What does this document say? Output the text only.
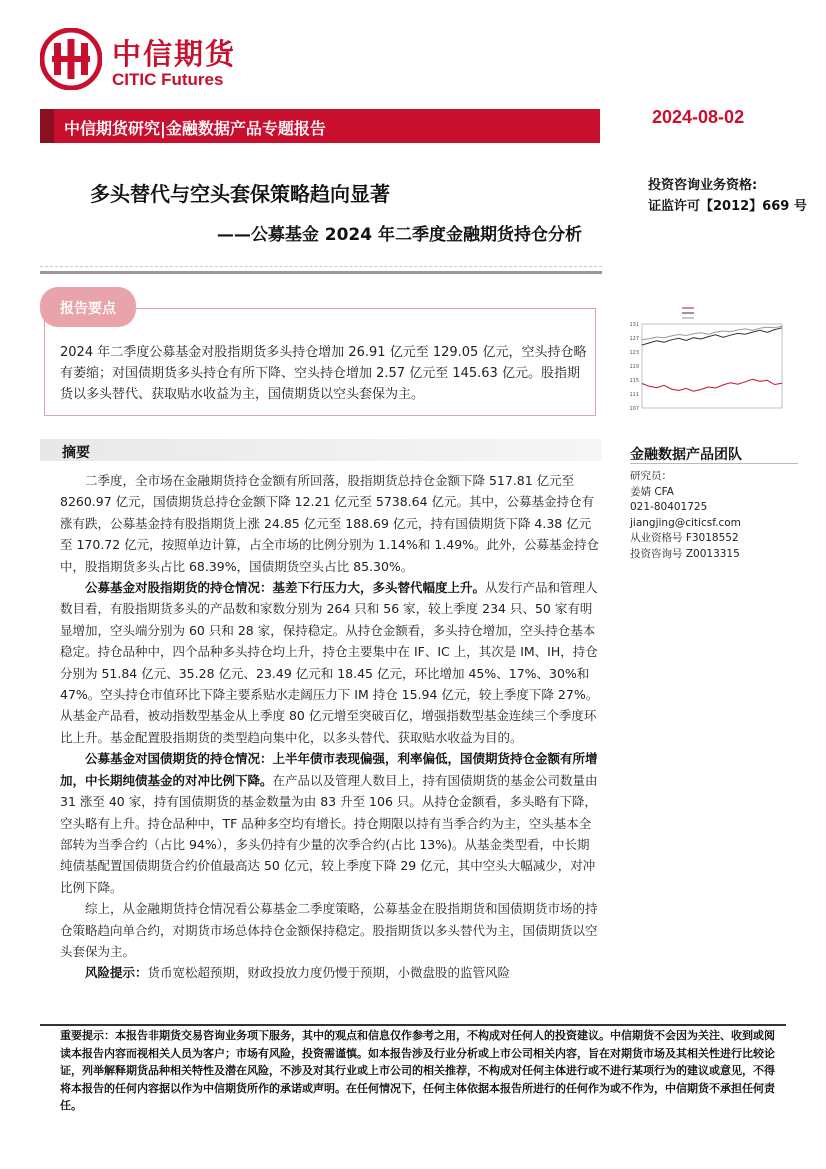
中信期货
CITIC Futures
中信期货研究|金融数据产品专题报告
2024-08-02
多头替代与空头套保策略趋向显著
——公募基金 2024 年二季度金融期货持仓分析
投资咨询业务资格:
证监许可【2012】669 号
报告要点
2024 年二季度公募基金对股指期货多头持仓增加 26.91 亿元至 129.05 亿元，空头持仓略有萎缩；对国债期货多头持仓有所下降、空头持仓增加 2.57 亿元至 145.63 亿元。股指期货以多头替代、获取贴水收益为主，国债期货以空头套保为主。
摘要

二季度，全市场在金融期货持仓金额有所回落，股指期货总持仓金额下降 517.81 亿元至 8260.97 亿元，国债期货总持仓金额下降 12.21 亿元至 5738.64 亿元。其中，公募基金持仓有涨有跌，公募基金持有股指期货上涨 24.85 亿元至 188.69 亿元，持有国债期货下降 4.38 亿元至 170.72 亿元，按照单边计算，占全市场的比例分别为 1.14%和 1.49%。此外，公募基金持仓中，股指期货多头占比 68.39%，国债期货空头占比 85.30%。

公募基金对股指期货的持仓情况：基差下行压力大，多头替代幅度上升。从发行产品和管理人数目看，有股指期货多头的产品数和家数分别为 264 只和 56 家，较上季度 234 只、50 家有明显增加，空头端分别为 60 只和 28 家，保持稳定。从持仓金额看，多头持仓增加，空头持仓基本稳定。持仓品种中，四个品种多头持仓均上升，持仓主要集中在 IF、IC 上，其次是 IM、IH，持仓分别为 51.84 亿元、35.28 亿元、23.49 亿元和 18.45 亿元，环比增加 45%、17%、30%和 47%。空头持仓市值环比下降主要系贴水走阔压力下 IM 持仓 15.94 亿元，较上季度下降 27%。从基金产品看，被动指数型基金从上季度 80 亿元增至突破百亿，增强指数型基金连续三个季度环比上升。基金配置股指期货的类型趋向集中化，以多头替代、获取贴水收益为目的。

公募基金对国债期货的持仓情况：上半年债市表现偏强，利率偏低，国债期货持仓金额有所增加，中长期纯债基金的对冲比例下降。在产品以及管理人数目上，持有国债期货的基金公司数量由 31 涨至 40 家，持有国债期货的基金数量为由 83 升至 106 只。从持仓金额看，多头略有下降，空头略有上升。持仓品种中，TF 品种多空均有增长。持仓期限以持有当季合约为主，空头基本全部转为当季合约（占比 94%），多头仍持有少量的次季合约(占比 13%)。从基金类型看，中长期纯债基配置国债期货合约价值最高达 50 亿元，较上季度下降 29 亿元，其中空头大幅减少，对冲比例下降。

综上，从金融期货持仓情况看公募基金二季度策略，公募基金在股指期货和国债期货市场的持仓策略趋向单合约，对期货市场总体持仓金额保持稳定。股指期货以多头替代为主，国债期货以空头套保为主。

风险提示：货币宽松超预期，财政投放力度仍慢于预期，小微盘股的监管风险

107
111
115
119
123
127
131
金融数据产品团队
研究员：
姜婧 CFA
021-80401725
jiangjing@citicsf.com
从业资格号 F3018552
投资咨询号 Z0013315
重要提示：本报告非期货交易咨询业务项下服务，其中的观点和信息仅作参考之用，不构成对任何人的投资建议。中信期货不会因为关注、收到或阅读本报告内容而视相关人员为客户；市场有风险，投资需谨慎。如本报告涉及行业分析或上市公司相关内容，旨在对期货市场及其相关性进行比较论证，列举解释期货品种相关特性及潜在风险，不涉及对其行业或上市公司的相关推荐，不构成对任何主体进行或不进行某项行为的建议或意见，不得将本报告的任何内容据以作为中信期货所作的承诺或声明。在任何情况下，任何主体依据本报告所进行的任何作为或不作为，中信期货不承担任何责任。
